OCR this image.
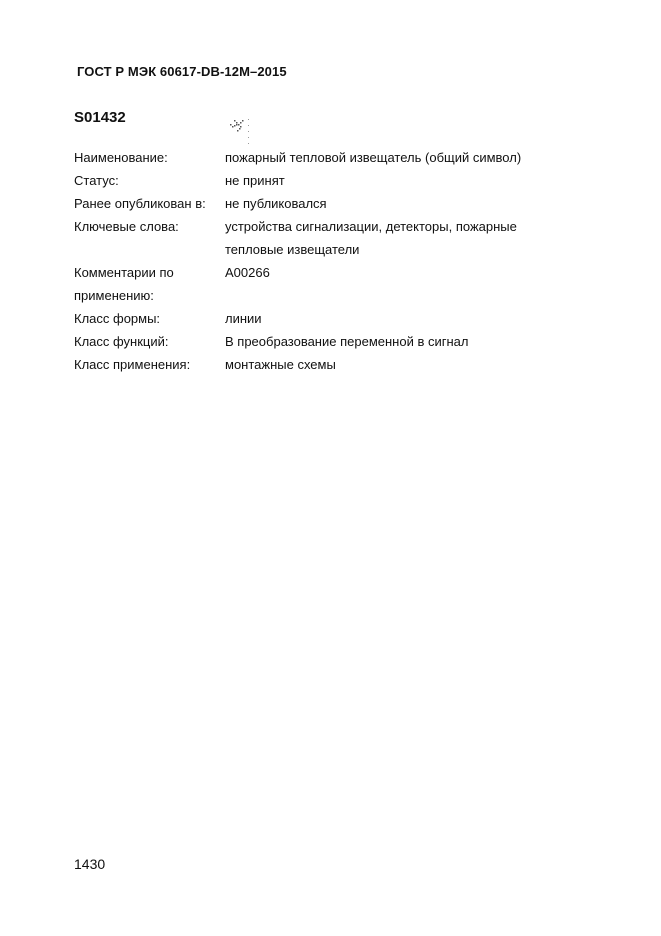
ГОСТ Р МЭК 60617-DB-12M–2015
S01432
Наименование:	пожарный тепловой извещатель (общий символ)
Статус:	не принят
Ранее опубликован в:	не публиковался
Ключевые слова:	устройства сигнализации, детекторы, пожарные
тепловые извещатели
Комментарии по
применению:
A00266
Класс формы:	линии
Класс функций:	B преобразование переменной в сигнал
Класс применения:	монтажные схемы
1430
